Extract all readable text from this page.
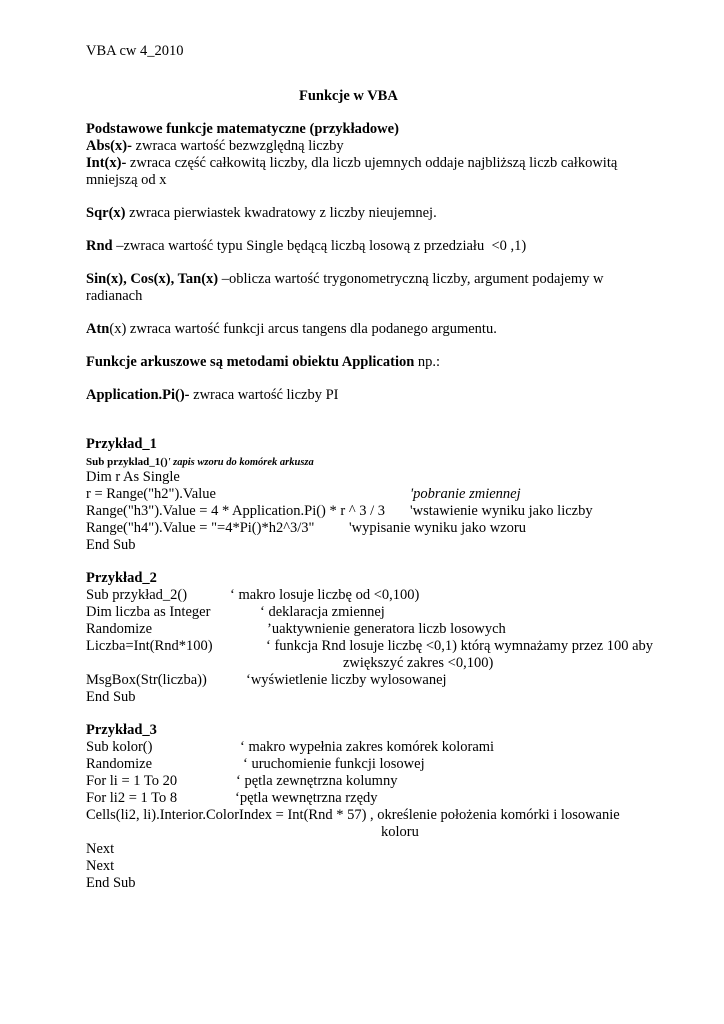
VBA cw 4_2010
Funkcje w VBA
Podstawowe funkcje matematyczne (przykładowe)
Abs(x)- zwraca wartość bezwzględną liczby
Int(x)- zwraca część całkowitą liczby, dla liczb ujemnych oddaje najbliższą liczb całkowitą
mniejszą od x
Sqr(x) zwraca pierwiastek kwadratowy z liczby nieujemnej.
Rnd –zwraca wartość typu Single będącą liczbą losową z przedziału  <0 ,1)
Sin(x), Cos(x), Tan(x) –oblicza wartość trygonometryczną liczby, argument podajemy w
radianach
Atn(x) zwraca wartość funkcji arcus tangens dla podanego argumentu.
Funkcje arkuszowe są metodami obiektu Application np.:
Application.Pi()- zwraca wartość liczby PI
Przykład_1
Sub przyklad_1()' zapis wzoru do komórek arkusza
Dim r As Single
r = Range("h2").Value	'pobranie zmiennej
Range("h3").Value = 4 * Application.Pi() * r ^ 3 / 3 'wstawienie wyniku jako liczby
Range("h4").Value = "=4*Pi()*h2^3/3" 'wypisanie wyniku jako wzoru
End Sub
Przykład_2
Sub przykład_2()	‘ makro losuje liczbę od <0,100)
Dim liczba as Integer	‘ deklaracja zmiennej
Randomize	’uaktywnienie generatora liczb losowych
Liczba=Int(Rnd*100)	‘ funkcja Rnd losuje liczbę <0,1) którą wymnażamy przez 100 aby
zwiększyć zakres <0,100)
MsgBox(Str(liczba))	‘wyświetlenie liczby wylosowanej
End Sub
Przykład_3
Sub kolor()	‘ makro wypełnia zakres komórek kolorami
Randomize	‘ uruchomienie funkcji losowej
For li = 1 To 20	‘ pętla zewnętrzna kolumny
For li2 = 1 To 8	‘pętla wewnętrzna rzędy
Cells(li2, li).Interior.ColorIndex = Int(Rnd * 57) , określenie położenia komórki i losowanie
koloru
Next
Next
End Sub
